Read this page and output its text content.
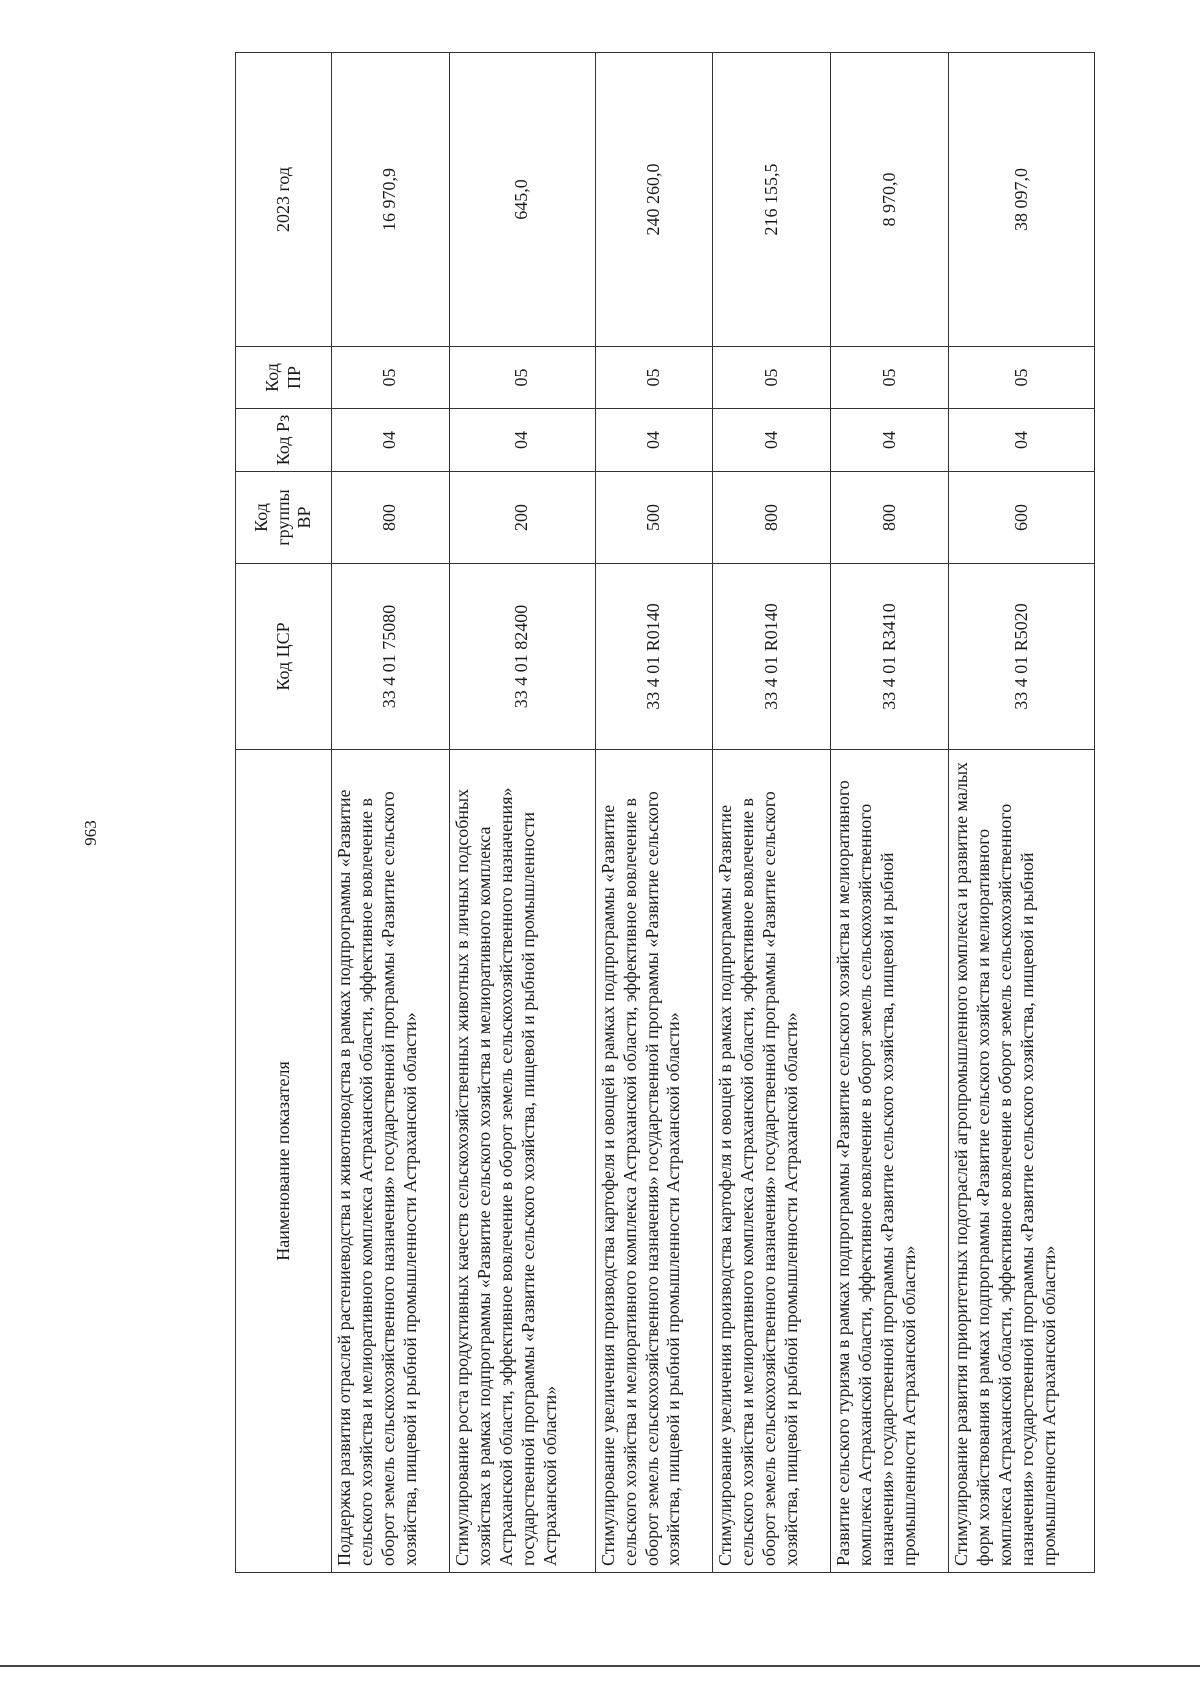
963
Наименование показателя	Код ЦСР	Код группы ВР	Код Рз	Код ПР	2023 год
Поддержка развития отраслей растениеводства и животноводства в рамках подпрограммы «Развитие сельского хозяйства и мелиоративного комплекса Астраханской области, эффективное вовлечение в оборот земель сельскохозяйственного назначения» государственной программы «Развитие сельского хозяйства, пищевой и рыбной промышленности Астраханской области»	33 4 01 75080	800	04	05	16 970,9
Стимулирование роста продуктивных качеств сельскохозяйственных животных в личных подсобных хозяйствах в рамках подпрограммы «Развитие сельского хозяйства и мелиоративного комплекса Астраханской области, эффективное вовлечение в оборот земель сельскохозяйственного назначения» государственной программы «Развитие сельского хозяйства, пищевой и рыбной промышленности Астраханской области»	33 4 01 82400	200	04	05	645,0
Стимулирование увеличения производства картофеля и овощей в рамках подпрограммы «Развитие сельского хозяйства и мелиоративного комплекса Астраханской области, эффективное вовлечение в оборот земель сельскохозяйственного назначения» государственной программы «Развитие сельского хозяйства, пищевой и рыбной промышленности Астраханской области»	33 4 01 R0140	500	04	05	240 260,0
Стимулирование увеличения производства картофеля и овощей в рамках подпрограммы «Развитие сельского хозяйства и мелиоративного комплекса Астраханской области, эффективное вовлечение в оборот земель сельскохозяйственного назначения» государственной программы «Развитие сельского хозяйства, пищевой и рыбной промышленности Астраханской области»	33 4 01 R0140	800	04	05	216 155,5
Развитие сельского туризма в рамках подпрограммы «Развитие сельского хозяйства и мелиоративного комплекса Астраханской области, эффективное вовлечение в оборот земель сельскохозяйственного назначения» государственной программы «Развитие сельского хозяйства, пищевой и рыбной промышленности Астраханской области»	33 4 01 R3410	800	04	05	8 970,0
Стимулирование развития приоритетных подотраслей агропромышленного комплекса и развитие малых форм хозяйствования в рамках подпрограммы «Развитие сельского хозяйства и мелиоративного комплекса Астраханской области, эффективное вовлечение в оборот земель сельскохозяйственного назначения» государственной программы «Развитие сельского хозяйства, пищевой и рыбной промышленности Астраханской области»	33 4 01 R5020	600	04	05	38 097,0
